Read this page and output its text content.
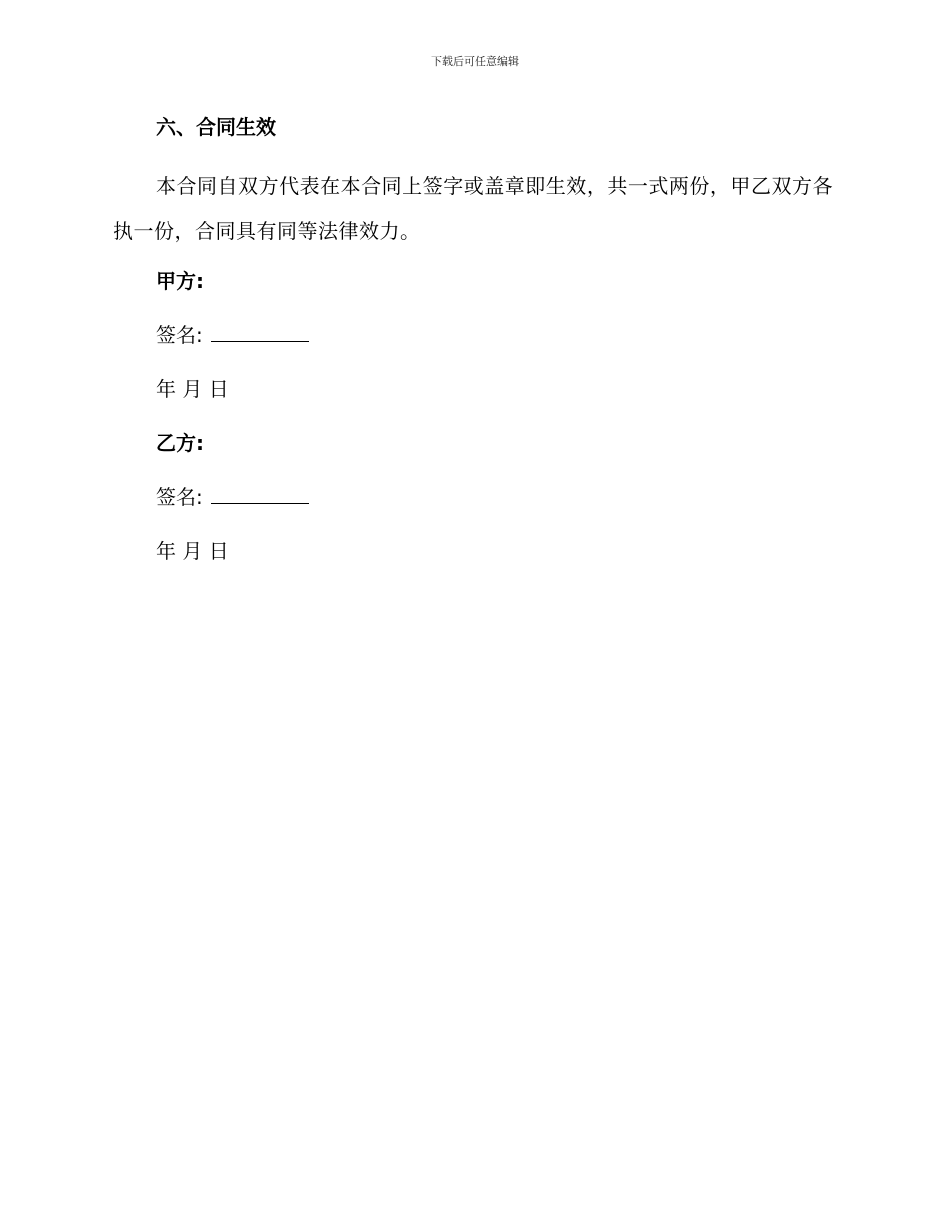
下载后可任意编辑
六、合同生效

本合同自双方代表在本合同上签字或盖章即生效，共一式两份，甲乙双方各执一份，合同具有同等法律效力。

甲方:
签名:
年 月 日
乙方:
签名:
年 月 日
